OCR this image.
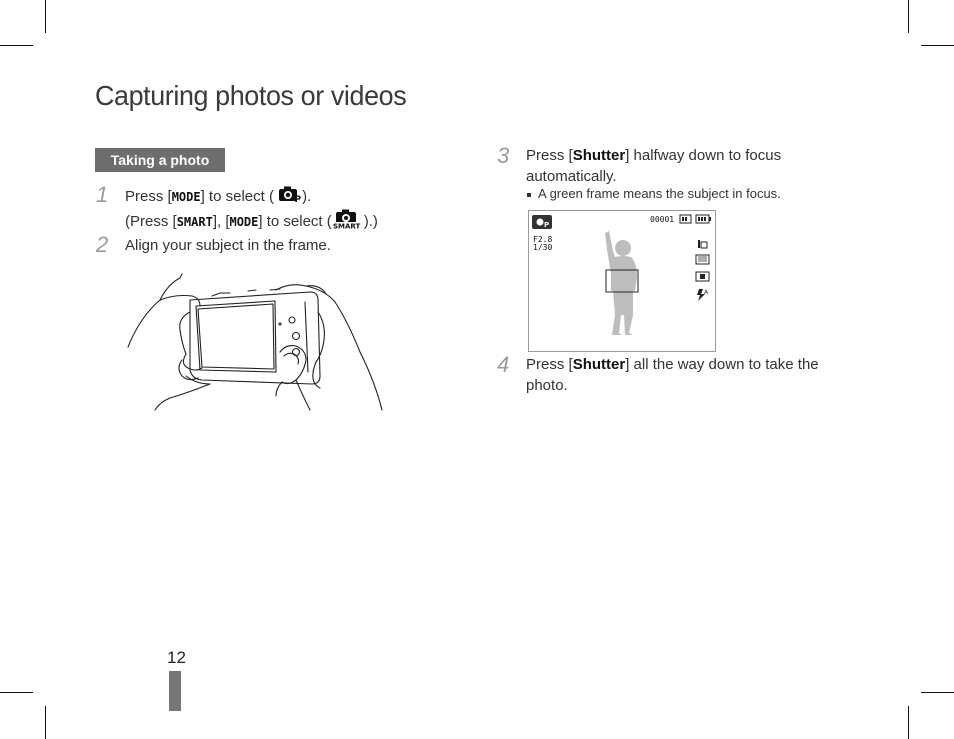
Capturing photos or videos
Taking a photo
1 Press [MODE] to select ( P ).
(Press [SMART], [MODE] to select ( SMART ).)
2 Align your subject in the frame.
3 Press [Shutter] halfway down to focus
automatically.
A green frame means the subject in focus.
P
F2.8
1/30
00001
A
4 Press [Shutter] all the way down to take the
photo.
12
